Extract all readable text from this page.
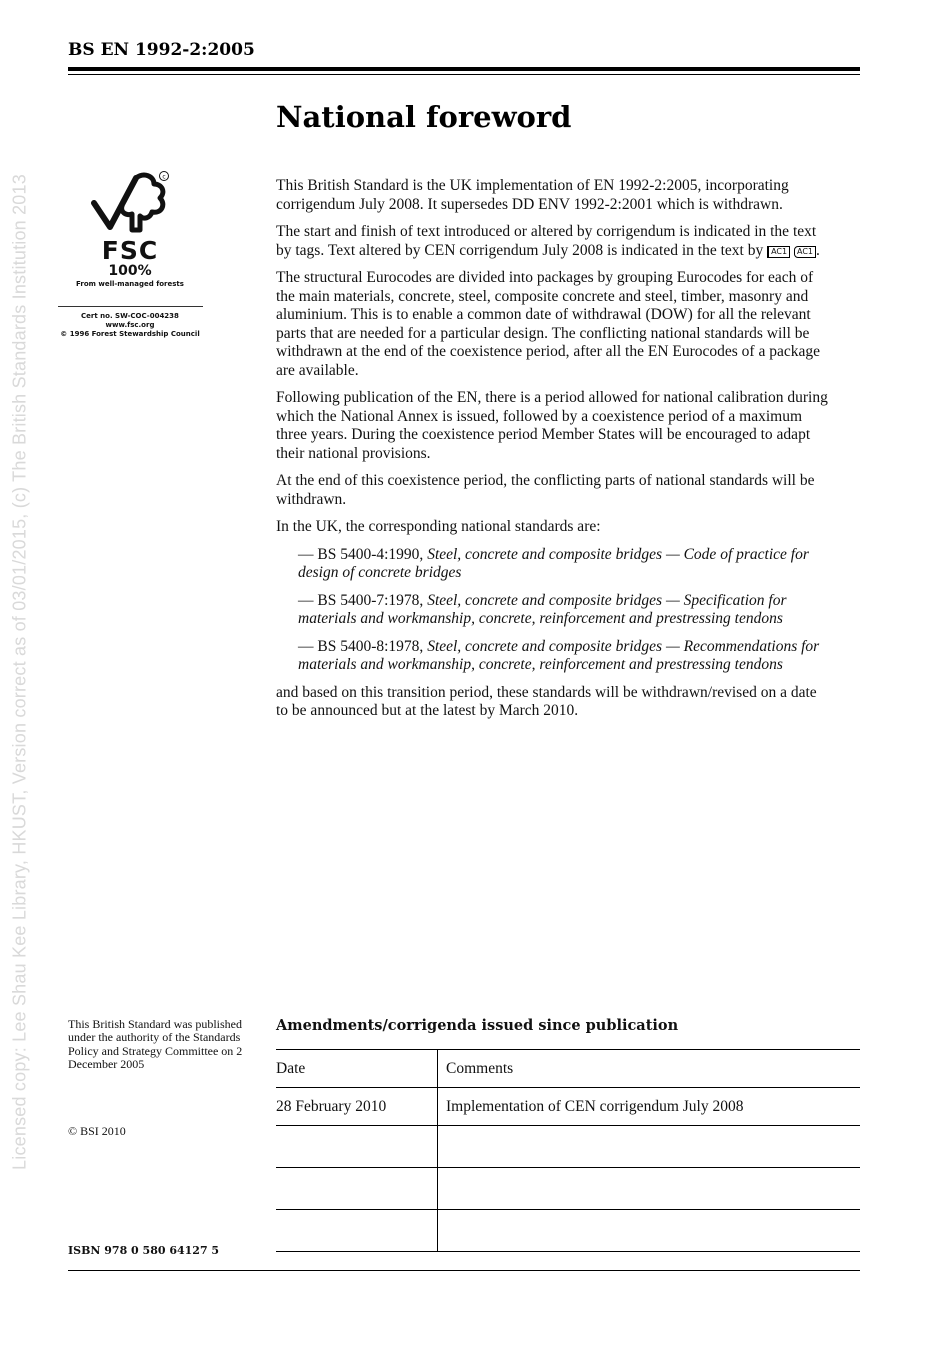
Licensed copy: Lee Shau Kee Library, HKUST, Version correct as of 03/01/2015, (c) The British Standards Institution 2013
BS EN 1992-2:2005
National foreword
c
FSC
100%
From well-managed forests
Cert no. SW-COC-004238
www.fsc.org
© 1996 Forest Stewardship Council

This British Standard is the UK implementation of EN 1992-2:2005, incorporating corrigendum July 2008. It supersedes DD ENV 1992-2:2001 which is withdrawn.

The start and finish of text introduced or altered by corrigendum is indicated in the text by tags. Text altered by CEN corrigendum July 2008 is indicated in the text by AC1 AC1 .

The structural Eurocodes are divided into packages by grouping Eurocodes for each of the main materials, concrete, steel, composite concrete and steel, timber, masonry and aluminium. This is to enable a common date of withdrawal (DOW) for all the relevant parts that are needed for a particular design. The conflicting national standards will be withdrawn at the end of the coexistence period, after all the EN Eurocodes of a package are available.

Following publication of the EN, there is a period allowed for national calibration during which the National Annex is issued, followed by a coexistence period of a maximum three years. During the coexistence period Member States will be encouraged to adapt their national provisions.

At the end of this coexistence period, the conflicting parts of national standards will be withdrawn.

In the UK, the corresponding national standards are:

— BS 5400-4:1990, Steel, concrete and composite bridges — Code of practice for design of concrete bridges

— BS 5400-7:1978, Steel, concrete and composite bridges — Specification for materials and workmanship, concrete, reinforcement and prestressing tendons

— BS 5400-8:1978, Steel, concrete and composite bridges — Recommendations for materials and workmanship, concrete, reinforcement and prestressing tendons

and based on this transition period, these standards will be withdrawn/revised on a date to be announced but at the latest by March 2010.

This British Standard was published under the authority of the Standards Policy and Strategy Committee on 2 December 2005
© BSI 2010
ISBN 978 0 580 64127 5
Amendments/corrigenda issued since publication
Date	Comments
28 February 2010	Implementation of CEN corrigendum July 2008
